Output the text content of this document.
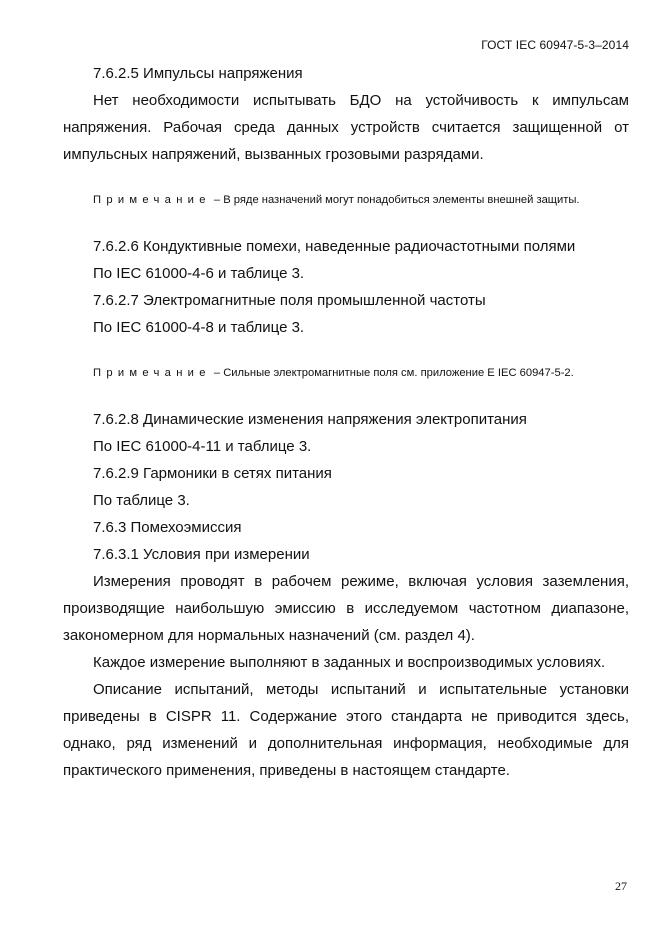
ГОСТ IEC 60947-5-3–2014

7.6.2.5 Импульсы напряжения

Нет необходимости испытывать БДО на устойчивость к импульсам напряжения. Рабочая среда данных устройств считается защищенной от импульсных напряжений, вызванных грозовыми разрядами.

Примечание – В ряде назначений могут понадобиться элементы внешней защиты.

7.6.2.6 Кондуктивные помехи, наведенные радиочастотными полями

По IEC 61000-4-6 и таблице 3.

7.6.2.7 Электромагнитные поля промышленной частоты

По IEC 61000-4-8 и таблице 3.

Примечание – Сильные электромагнитные поля см. приложение E IEC 60947-5-2.

7.6.2.8 Динамические изменения напряжения электропитания

По IEC 61000-4-11 и таблице 3.

7.6.2.9 Гармоники в сетях питания

По таблице 3.

7.6.3 Помехоэмиссия

7.6.3.1 Условия при измерении

Измерения проводят в рабочем режиме, включая условия заземления, производящие наибольшую эмиссию в исследуемом частотном диапазоне, закономерном для нормальных назначений (см. раздел 4).

Каждое измерение выполняют в заданных и воспроизводимых условиях.

Описание испытаний, методы испытаний и испытательные установки приведены в CISPR 11. Содержание этого стандарта не приводится здесь, однако, ряд изменений и дополнительная информация, необходимые для практического применения, приведены в настоящем стандарте.

27
